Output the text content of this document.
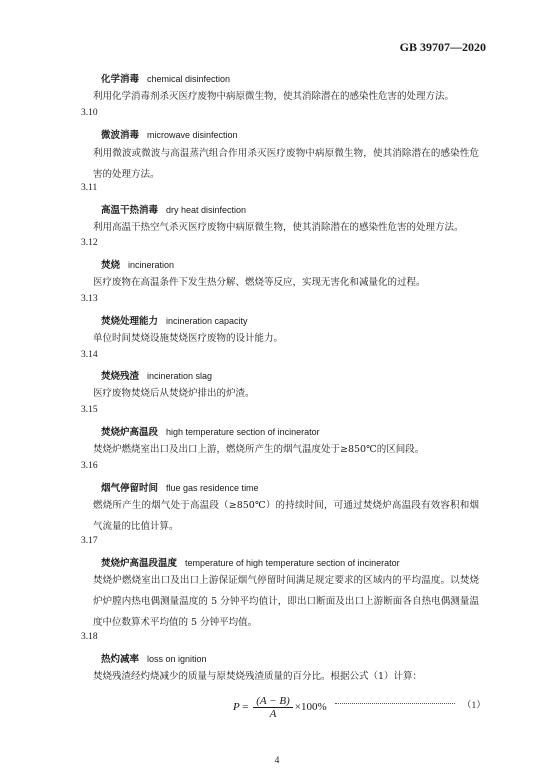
GB 39707—2020
化学消毒 chemical disinfection
利用化学消毒剂杀灭医疗废物中病原微生物，使其消除潜在的感染性危害的处理方法。
3.10
微波消毒 microwave disinfection
利用微波或微波与高温蒸汽组合作用杀灭医疗废物中病原微生物，使其消除潜在的感染性危害的处理方法。
3.11
高温干热消毒 dry heat disinfection
利用高温干热空气杀灭医疗废物中病原微生物，使其消除潜在的感染性危害的处理方法。
3.12
焚烧 incineration
医疗废物在高温条件下发生热分解、燃烧等反应，实现无害化和减量化的过程。
3.13
焚烧处理能力 incineration capacity
单位时间焚烧设施焚烧医疗废物的设计能力。
3.14
焚烧残渣 incineration slag
医疗废物焚烧后从焚烧炉排出的炉渣。
3.15
焚烧炉高温段 high temperature section of incinerator
焚烧炉燃烧室出口及出口上游，燃烧所产生的烟气温度处于≥850℃的区间段。
3.16
烟气停留时间 flue gas residence time
燃烧所产生的烟气处于高温段（≥850℃）的持续时间，可通过焚烧炉高温段有效容积和烟气流量的比值计算。
3.17
焚烧炉高温段温度 temperature of high temperature section of incinerator
焚烧炉燃烧室出口及出口上游保证烟气停留时间满足规定要求的区域内的平均温度。以焚烧炉炉膛内热电偶测量温度的 5 分钟平均值计，即出口断面及出口上游断面各自热电偶测量温度中位数算术平均值的 5 分钟平均值。
3.18
热灼减率 loss on ignition
焚烧残渣经灼烧减少的质量与原焚烧残渣质量的百分比。根据公式（1）计算：
$P = \frac{(A - B)}{A} \times 100\%$	（1）
4
